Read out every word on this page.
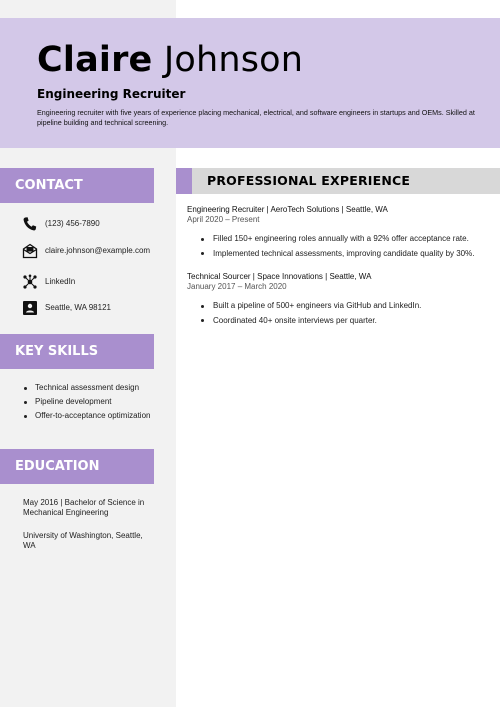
Claire Johnson
Engineering Recruiter
Engineering recruiter with five years of experience placing mechanical, electrical, and software engineers in startups and OEMs. Skilled at pipeline building and technical screening.
CONTACT
(123) 456-7890
claire.johnson@example.com
LinkedIn
Seattle, WA 98121
KEY SKILLS
Technical assessment design
Pipeline development
Offer-to-acceptance optimization
EDUCATION
May 2016 | Bachelor of Science in Mechanical Engineering
University of Washington, Seattle, WA
PROFESSIONAL EXPERIENCE
Engineering Recruiter | AeroTech Solutions | Seattle, WA
April 2020 – Present
Filled 150+ engineering roles annually with a 92% offer acceptance rate.
Implemented technical assessments, improving candidate quality by 30%.
Technical Sourcer | Space Innovations | Seattle, WA
January 2017 – March 2020
Built a pipeline of 500+ engineers via GitHub and LinkedIn.
Coordinated 40+ onsite interviews per quarter.
